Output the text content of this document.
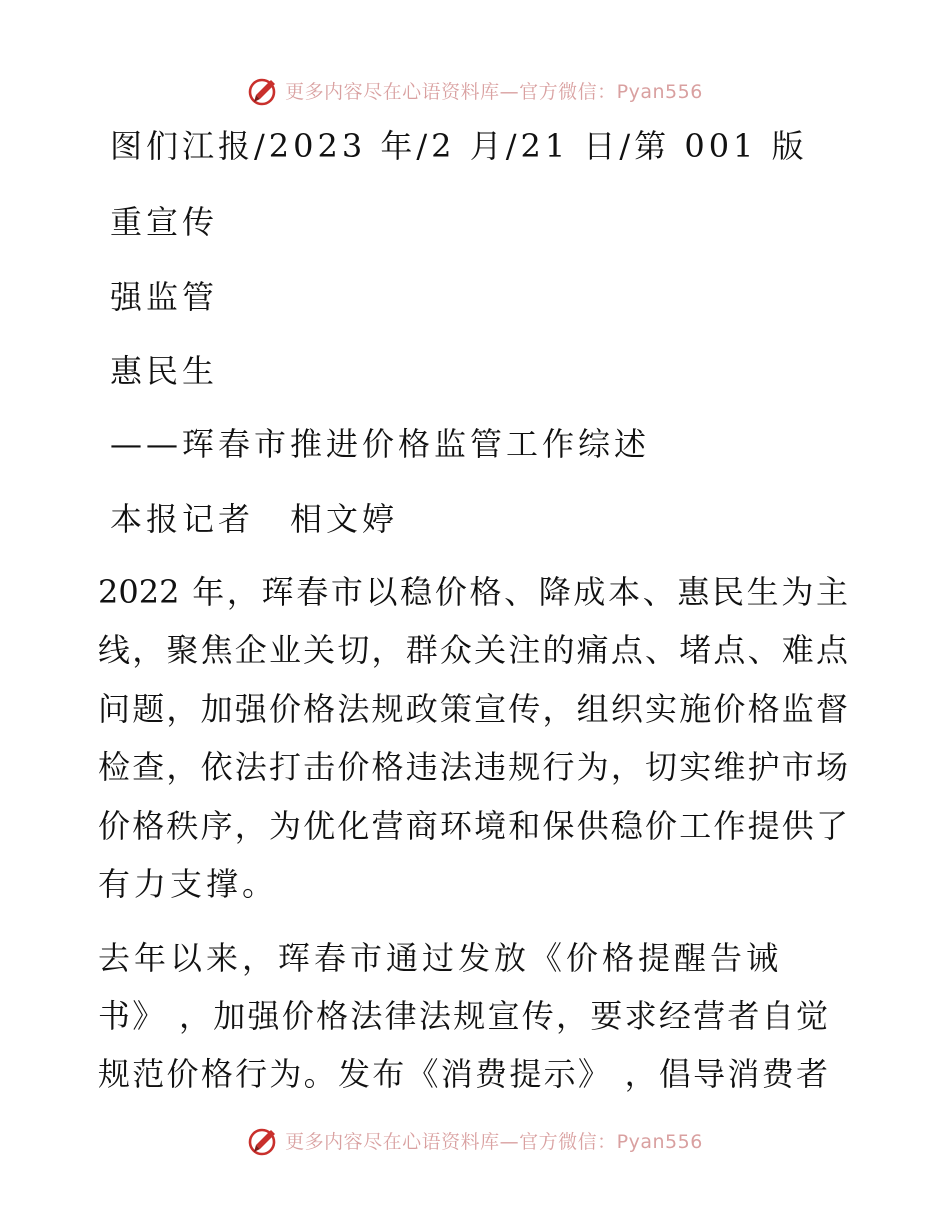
更多内容尽在心语资料库—官方微信：Pyan556
图们江报/2023 年/2 月/21 日/第 001 版
重宣传
强监管
惠民生
——珲春市推进价格监管工作综述
本报记者　相文婷
2022 年，珲春市以稳价格、降成本、惠民生为主
线，聚焦企业关切，群众关注的痛点、堵点、难点
问题，加强价格法规政策宣传，组织实施价格监督
检查，依法打击价格违法违规行为，切实维护市场
价格秩序，为优化营商环境和保供稳价工作提供了
有力支撑。
去年以来，珲春市通过发放《价格提醒告诫
书》 ，加强价格法律法规宣传，要求经营者自觉
规范价格行为。发布《消费提示》 ，倡导消费者
更多内容尽在心语资料库—官方微信：Pyan556
